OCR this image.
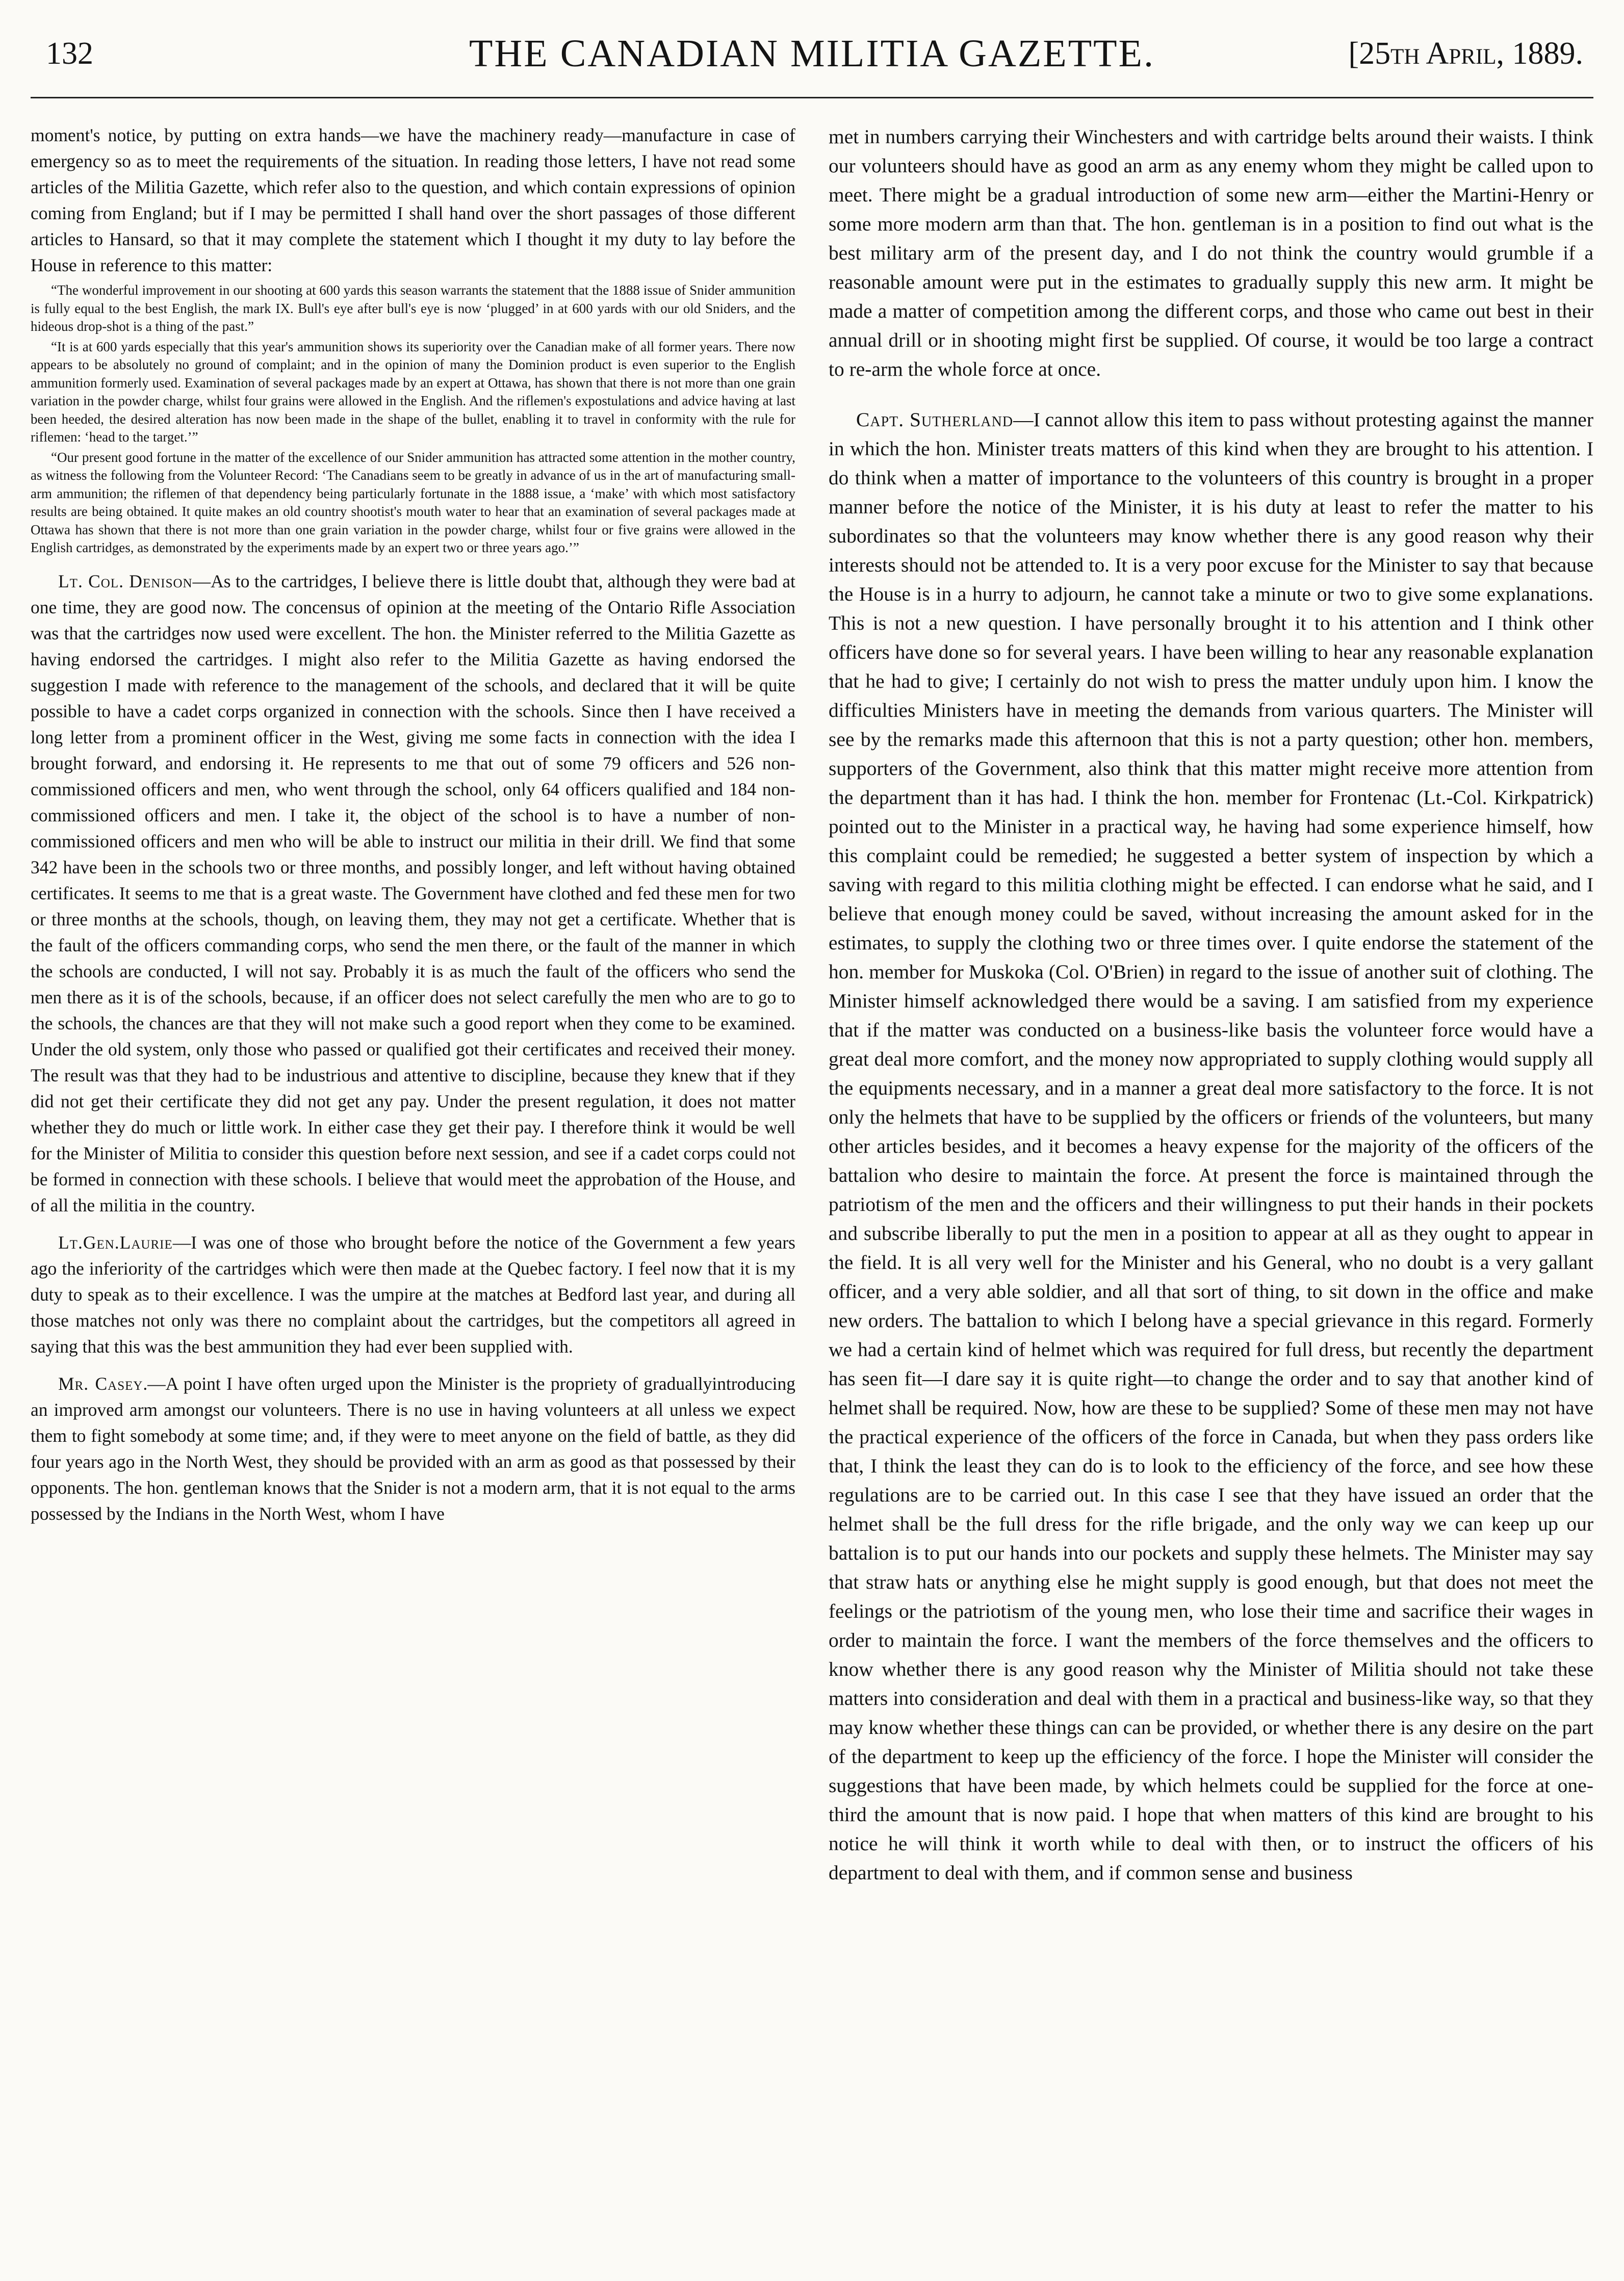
132	THE CANADIAN MILITIA GAZETTE.	[25th April, 1889.

moment's notice, by putting on extra hands—we have the machinery ready—manufacture in case of emergency so as to meet the requirements of the situation. In reading those letters, I have not read some articles of the Militia Gazette, which refer also to the question, and which contain expressions of opinion coming from England; but if I may be permitted I shall hand over the short passages of those different articles to Hansard, so that it may complete the statement which I thought it my duty to lay before the House in reference to this matter:

“The wonderful improvement in our shooting at 600 yards this season warrants the statement that the 1888 issue of Snider ammunition is fully equal to the best English, the mark IX. Bull's eye after bull's eye is now ‘plugged’ in at 600 yards with our old Sniders, and the hideous drop-shot is a thing of the past.”

“It is at 600 yards especially that this year's ammunition shows its superiority over the Canadian make of all former years. There now appears to be absolutely no ground of complaint; and in the opinion of many the Dominion product is even superior to the English ammunition formerly used. Examination of several packages made by an expert at Ottawa, has shown that there is not more than one grain variation in the powder charge, whilst four grains were allowed in the English. And the riflemen's expostulations and advice having at last been heeded, the desired alteration has now been made in the shape of the bullet, enabling it to travel in conformity with the rule for riflemen: ‘head to the target.’”

“Our present good fortune in the matter of the excellence of our Snider ammunition has attracted some attention in the mother country, as witness the following from the Volunteer Record: ‘The Canadians seem to be greatly in advance of us in the art of manufacturing small-arm ammunition; the riflemen of that dependency being particularly fortunate in the 1888 issue, a ‘make’ with which most satisfactory results are being obtained. It quite makes an old country shootist's mouth water to hear that an examination of several packages made at Ottawa has shown that there is not more than one grain variation in the powder charge, whilst four or five grains were allowed in the English cartridges, as demonstrated by the experiments made by an expert two or three years ago.’”

Lt. Col. Denison—As to the cartridges, I believe there is little doubt that, although they were bad at one time, they are good now. The concensus of opinion at the meeting of the Ontario Rifle Association was that the cartridges now used were excellent. The hon. the Minister referred to the Militia Gazette as having endorsed the cartridges. I might also refer to the Militia Gazette as having endorsed the suggestion I made with reference to the management of the schools, and declared that it will be quite possible to have a cadet corps organized in connection with the schools. Since then I have received a long letter from a prominent officer in the West, giving me some facts in connection with the idea I brought forward, and endorsing it. He represents to me that out of some 79 officers and 526 non-commissioned officers and men, who went through the school, only 64 officers qualified and 184 non-commissioned officers and men. I take it, the object of the school is to have a number of non-commissioned officers and men who will be able to instruct our militia in their drill. We find that some 342 have been in the schools two or three months, and possibly longer, and left without having obtained certificates. It seems to me that is a great waste. The Government have clothed and fed these men for two or three months at the schools, though, on leaving them, they may not get a certificate. Whether that is the fault of the officers commanding corps, who send the men there, or the fault of the manner in which the schools are conducted, I will not say. Probably it is as much the fault of the officers who send the men there as it is of the schools, because, if an officer does not select carefully the men who are to go to the schools, the chances are that they will not make such a good report when they come to be examined. Under the old system, only those who passed or qualified got their certificates and received their money. The result was that they had to be industrious and attentive to discipline, because they knew that if they did not get their certificate they did not get any pay. Under the present regulation, it does not matter whether they do much or little work. In either case they get their pay. I therefore think it would be well for the Minister of Militia to consider this question before next session, and see if a cadet corps could not be formed in connection with these schools. I believe that would meet the approbation of the House, and of all the militia in the country.

Lt.Gen.Laurie—I was one of those who brought before the notice of the Government a few years ago the inferiority of the cartridges which were then made at the Quebec factory. I feel now that it is my duty to speak as to their excellence. I was the umpire at the matches at Bedford last year, and during all those matches not only was there no complaint about the cartridges, but the competitors all agreed in saying that this was the best ammunition they had ever been supplied with.

Mr. Casey.—A point I have often urged upon the Minister is the propriety of graduallyintroducing an improved arm amongst our volunteers. There is no use in having volunteers at all unless we expect them to fight somebody at some time; and, if they were to meet anyone on the field of battle, as they did four years ago in the North West, they should be provided with an arm as good as that possessed by their opponents. The hon. gentleman knows that the Snider is not a modern arm, that it is not equal to the arms possessed by the Indians in the North West, whom I have

met in numbers carrying their Winchesters and with cartridge belts around their waists. I think our volunteers should have as good an arm as any enemy whom they might be called upon to meet. There might be a gradual introduction of some new arm—either the Martini-Henry or some more modern arm than that. The hon. gentleman is in a position to find out what is the best military arm of the present day, and I do not think the country would grumble if a reasonable amount were put in the estimates to gradually supply this new arm. It might be made a matter of competition among the different corps, and those who came out best in their annual drill or in shooting might first be supplied. Of course, it would be too large a contract to re-arm the whole force at once.

Capt. Sutherland—I cannot allow this item to pass without protesting against the manner in which the hon. Minister treats matters of this kind when they are brought to his attention. I do think when a matter of importance to the volunteers of this country is brought in a proper manner before the notice of the Minister, it is his duty at least to refer the matter to his subordinates so that the volunteers may know whether there is any good reason why their interests should not be attended to. It is a very poor excuse for the Minister to say that because the House is in a hurry to adjourn, he cannot take a minute or two to give some explanations. This is not a new question. I have personally brought it to his attention and I think other officers have done so for several years. I have been willing to hear any reasonable explanation that he had to give; I certainly do not wish to press the matter unduly upon him. I know the difficulties Ministers have in meeting the demands from various quarters. The Minister will see by the remarks made this afternoon that this is not a party question; other hon. members, supporters of the Government, also think that this matter might receive more attention from the department than it has had. I think the hon. member for Frontenac (Lt.-Col. Kirkpatrick) pointed out to the Minister in a practical way, he having had some experience himself, how this complaint could be remedied; he suggested a better system of inspection by which a saving with regard to this militia clothing might be effected. I can endorse what he said, and I believe that enough money could be saved, without increasing the amount asked for in the estimates, to supply the clothing two or three times over. I quite endorse the statement of the hon. member for Muskoka (Col. O'Brien) in regard to the issue of another suit of clothing. The Minister himself acknowledged there would be a saving. I am satisfied from my experience that if the matter was conducted on a business-like basis the volunteer force would have a great deal more comfort, and the money now appropriated to supply clothing would supply all the equipments necessary, and in a manner a great deal more satisfactory to the force. It is not only the helmets that have to be supplied by the officers or friends of the volunteers, but many other articles besides, and it becomes a heavy expense for the majority of the officers of the battalion who desire to maintain the force. At present the force is maintained through the patriotism of the men and the officers and their willingness to put their hands in their pockets and subscribe liberally to put the men in a position to appear at all as they ought to appear in the field. It is all very well for the Minister and his General, who no doubt is a very gallant officer, and a very able soldier, and all that sort of thing, to sit down in the office and make new orders. The battalion to which I belong have a special grievance in this regard. Formerly we had a certain kind of helmet which was required for full dress, but recently the department has seen fit—I dare say it is quite right—to change the order and to say that another kind of helmet shall be required. Now, how are these to be supplied? Some of these men may not have the practical experience of the officers of the force in Canada, but when they pass orders like that, I think the least they can do is to look to the efficiency of the force, and see how these regulations are to be carried out. In this case I see that they have issued an order that the helmet shall be the full dress for the rifle brigade, and the only way we can keep up our battalion is to put our hands into our pockets and supply these helmets. The Minister may say that straw hats or anything else he might supply is good enough, but that does not meet the feelings or the patriotism of the young men, who lose their time and sacrifice their wages in order to maintain the force. I want the members of the force themselves and the officers to know whether there is any good reason why the Minister of Militia should not take these matters into consideration and deal with them in a practical and business-like way, so that they may know whether these things can can be provided, or whether there is any desire on the part of the department to keep up the efficiency of the force. I hope the Minister will consider the suggestions that have been made, by which helmets could be supplied for the force at one-third the amount that is now paid. I hope that when matters of this kind are brought to his notice he will think it worth while to deal with then, or to instruct the officers of his department to deal with them, and if common sense and business
